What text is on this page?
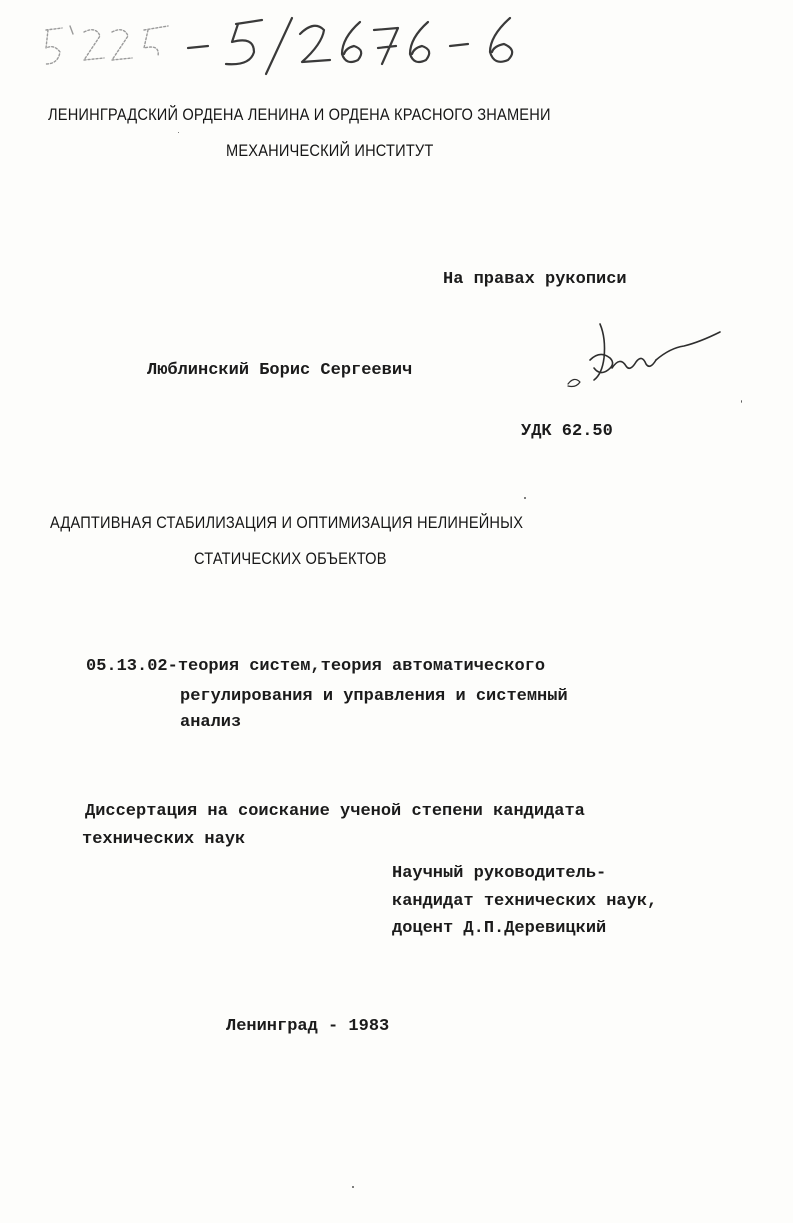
ЛЕНИНГРАДСКИЙ ОРДЕНА ЛЕНИНА И ОРДЕНА КРАСНОГО ЗНАМЕНИ

МЕХАНИЧЕСКИЙ ИНСТИТУТ

На правах рукописи

Люблинский Борис Сергеевич

УДК 62.50

АДАПТИВНАЯ СТАБИЛИЗАЦИЯ И ОПТИМИЗАЦИЯ НЕЛИНЕЙНЫХ

СТАТИЧЕСКИХ ОБЪЕКТОВ

05.13.02-теория систем,теория автоматического

регулирования и управления и системный

анализ

Диссертация на соискание ученой степени кандидата

технических наук

Научный руководитель-

кандидат технических наук,

доцент Д.П.Деревицкий

Ленинград - 1983
